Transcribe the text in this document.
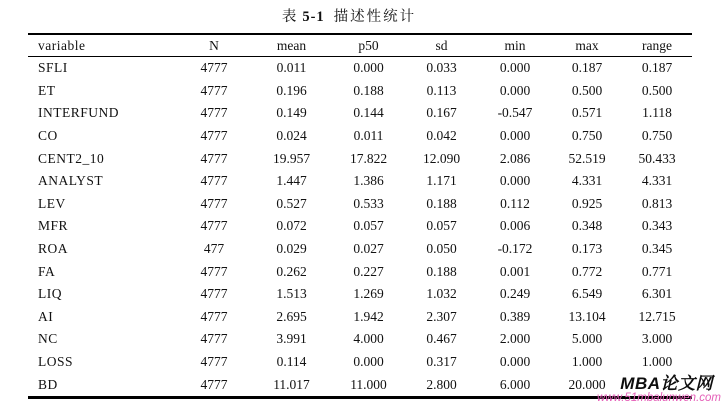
表 5-1 描述性统计
variable	N	mean	p50	sd	min	max	range
SFLI	4777	0.011	0.000	0.033	0.000	0.187	0.187
ET	4777	0.196	0.188	0.113	0.000	0.500	0.500
INTERFUND	4777	0.149	0.144	0.167	-0.547	0.571	1.118
CO	4777	0.024	0.011	0.042	0.000	0.750	0.750
CENT2_10	4777	19.957	17.822	12.090	2.086	52.519	50.433
ANALYST	4777	1.447	1.386	1.171	0.000	4.331	4.331
LEV	4777	0.527	0.533	0.188	0.112	0.925	0.813
MFR	4777	0.072	0.057	0.057	0.006	0.348	0.343
ROA	477	0.029	0.027	0.050	-0.172	0.173	0.345
FA	4777	0.262	0.227	0.188	0.001	0.772	0.771
LIQ	4777	1.513	1.269	1.032	0.249	6.549	6.301
AI	4777	2.695	1.942	2.307	0.389	13.104	12.715
NC	4777	3.991	4.000	0.467	2.000	5.000	3.000
LOSS	4777	0.114	0.000	0.317	0.000	1.000	1.000
BD	4777	11.017	11.000	2.800	6.000	20.000	MBA论文网
www.51mbalunwen.com
